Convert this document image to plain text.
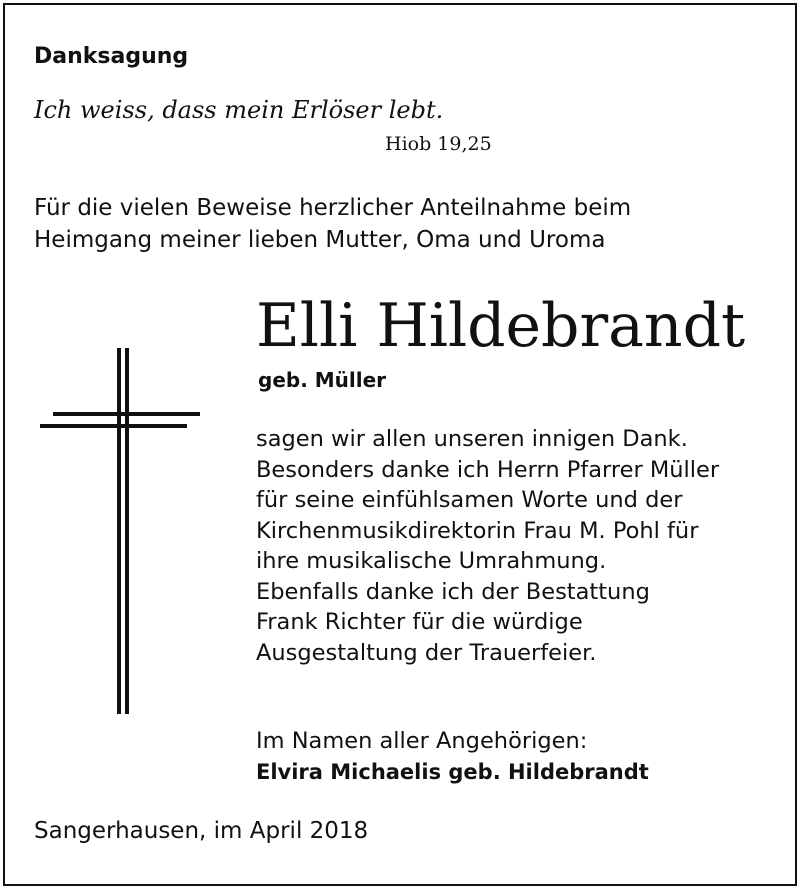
Danksagung
Ich weiss, dass mein Erlöser lebt.
Hiob 19,25
Für die vielen Beweise herzlicher Anteilnahme beim
Heimgang meiner lieben Mutter, Oma und Uroma
Elli Hildebrandt
geb. Müller
sagen wir allen unseren innigen Dank.
Besonders danke ich Herrn Pfarrer Müller
für seine einfühlsamen Worte und der
Kirchenmusikdirektorin Frau M. Pohl für
ihre musikalische Umrahmung.
Ebenfalls danke ich der Bestattung
Frank Richter für die würdige
Ausgestaltung der Trauerfeier.
Im Namen aller Angehörigen:
Elvira Michaelis geb. Hildebrandt
Sangerhausen, im April 2018
